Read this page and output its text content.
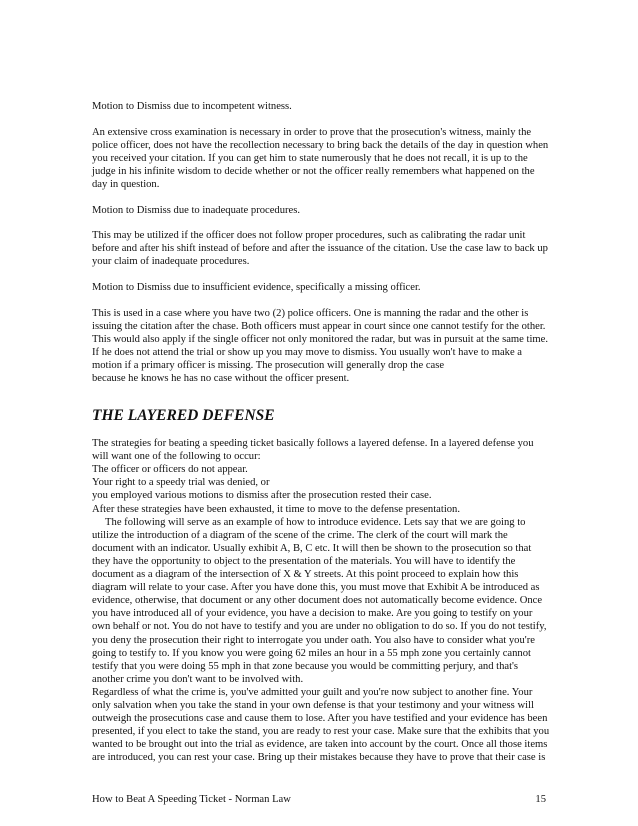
Motion to Dismiss due to incompetent witness.

An extensive cross examination is necessary in order to prove that the prosecution's witness, mainly the
police officer, does not have the recollection necessary to bring back the details of the day in question when
you received your citation. If you can get him to state numerously that he does not recall, it is up to the
judge in his infinite wisdom to decide whether or not the officer really remembers what happened on the
day in question.

Motion to Dismiss due to inadequate procedures.

This may be utilized if the officer does not follow proper procedures, such as calibrating the radar unit
before and after his shift instead of before and after the issuance of the citation. Use the case law to back up
your claim of inadequate procedures.

Motion to Dismiss due to insufficient evidence, specifically a missing officer.

This is used in a case where you have two (2) police officers. One is manning the radar and the other is
issuing the citation after the chase. Both officers must appear in court since one cannot testify for the other.
This would also apply if the single officer not only monitored the radar, but was in pursuit at the same time.
If he does not attend the trial or show up you may move to dismiss. You usually won't have to make a
motion if a primary officer is missing. The prosecution will generally drop the case
because he knows he has no case without the officer present.

THE LAYERED DEFENSE
The strategies for beating a speeding ticket basically follows a layered defense. In a layered defense you
will want one of the following to occur:
The officer or officers do not appear.
Your right to a speedy trial was denied, or
you employed various motions to dismiss after the prosecution rested their case.
After these strategies have been exhausted, it time to move to the defense presentation.
The following will serve as an example of how to introduce evidence. Lets say that we are going to
utilize the introduction of a diagram of the scene of the crime. The clerk of the court will mark the
document with an indicator. Usually exhibit A, B, C etc. It will then be shown to the prosecution so that
they have the opportunity to object to the presentation of the materials. You will have to identify the
document as a diagram of the intersection of X & Y streets. At this point proceed to explain how this
diagram will relate to your case. After you have done this, you must move that Exhibit A be introduced as
evidence, otherwise, that document or any other document does not automatically become evidence. Once
you have introduced all of your evidence, you have a decision to make. Are you going to testify on your
own behalf or not. You do not have to testify and you are under no obligation to do so. If you do not testify,
you deny the prosecution their right to interrogate you under oath. You also have to consider what you're
going to testify to. If you know you were going 62 miles an hour in a 55 mph zone you certainly cannot
testify that you were doing 55 mph in that zone because you would be committing perjury, and that's
another crime you don't want to be involved with.
Regardless of what the crime is, you've admitted your guilt and you're now subject to another fine. Your
only salvation when you take the stand in your own defense is that your testimony and your witness will
outweigh the prosecutions case and cause them to lose. After you have testified and your evidence has been
presented, if you elect to take the stand, you are ready to rest your case. Make sure that the exhibits that you
wanted to be brought out into the trial as evidence, are taken into account by the court. Once all those items
are introduced, you can rest your case. Bring up their mistakes because they have to prove that their case is
How to Beat A Speeding Ticket - Norman Law	15
